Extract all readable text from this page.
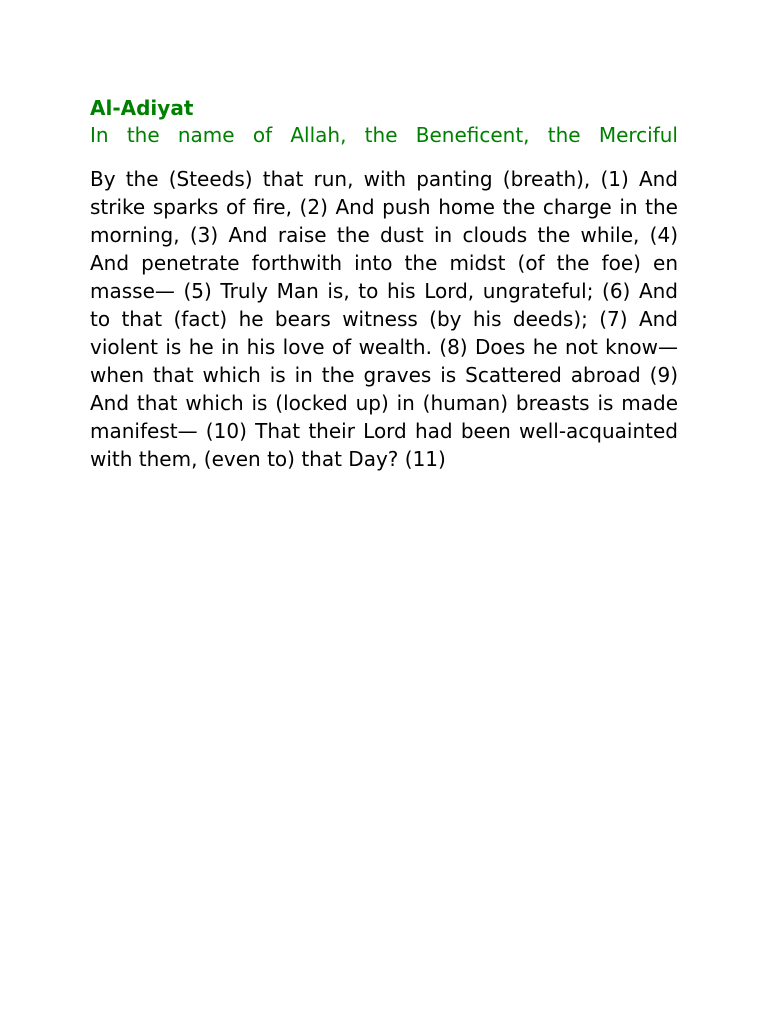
Al-Adiyat

In the name of Allah, the Beneficent, the Merciful

By the (Steeds) that run, with panting (breath), (1) And strike sparks of fire, (2) And push home the charge in the morning, (3) And raise the dust in clouds the while, (4) And penetrate forthwith into the midst (of the foe) en masse— (5) Truly Man is, to his Lord, ungrateful; (6) And to that (fact) he bears witness (by his deeds); (7) And violent is he in his love of wealth. (8) Does he not know— when that which is in the graves is Scattered abroad (9) And that which is (locked up) in (human) breasts is made manifest— (10) That their Lord had been well-acquainted with them, (even to) that Day? (11)
